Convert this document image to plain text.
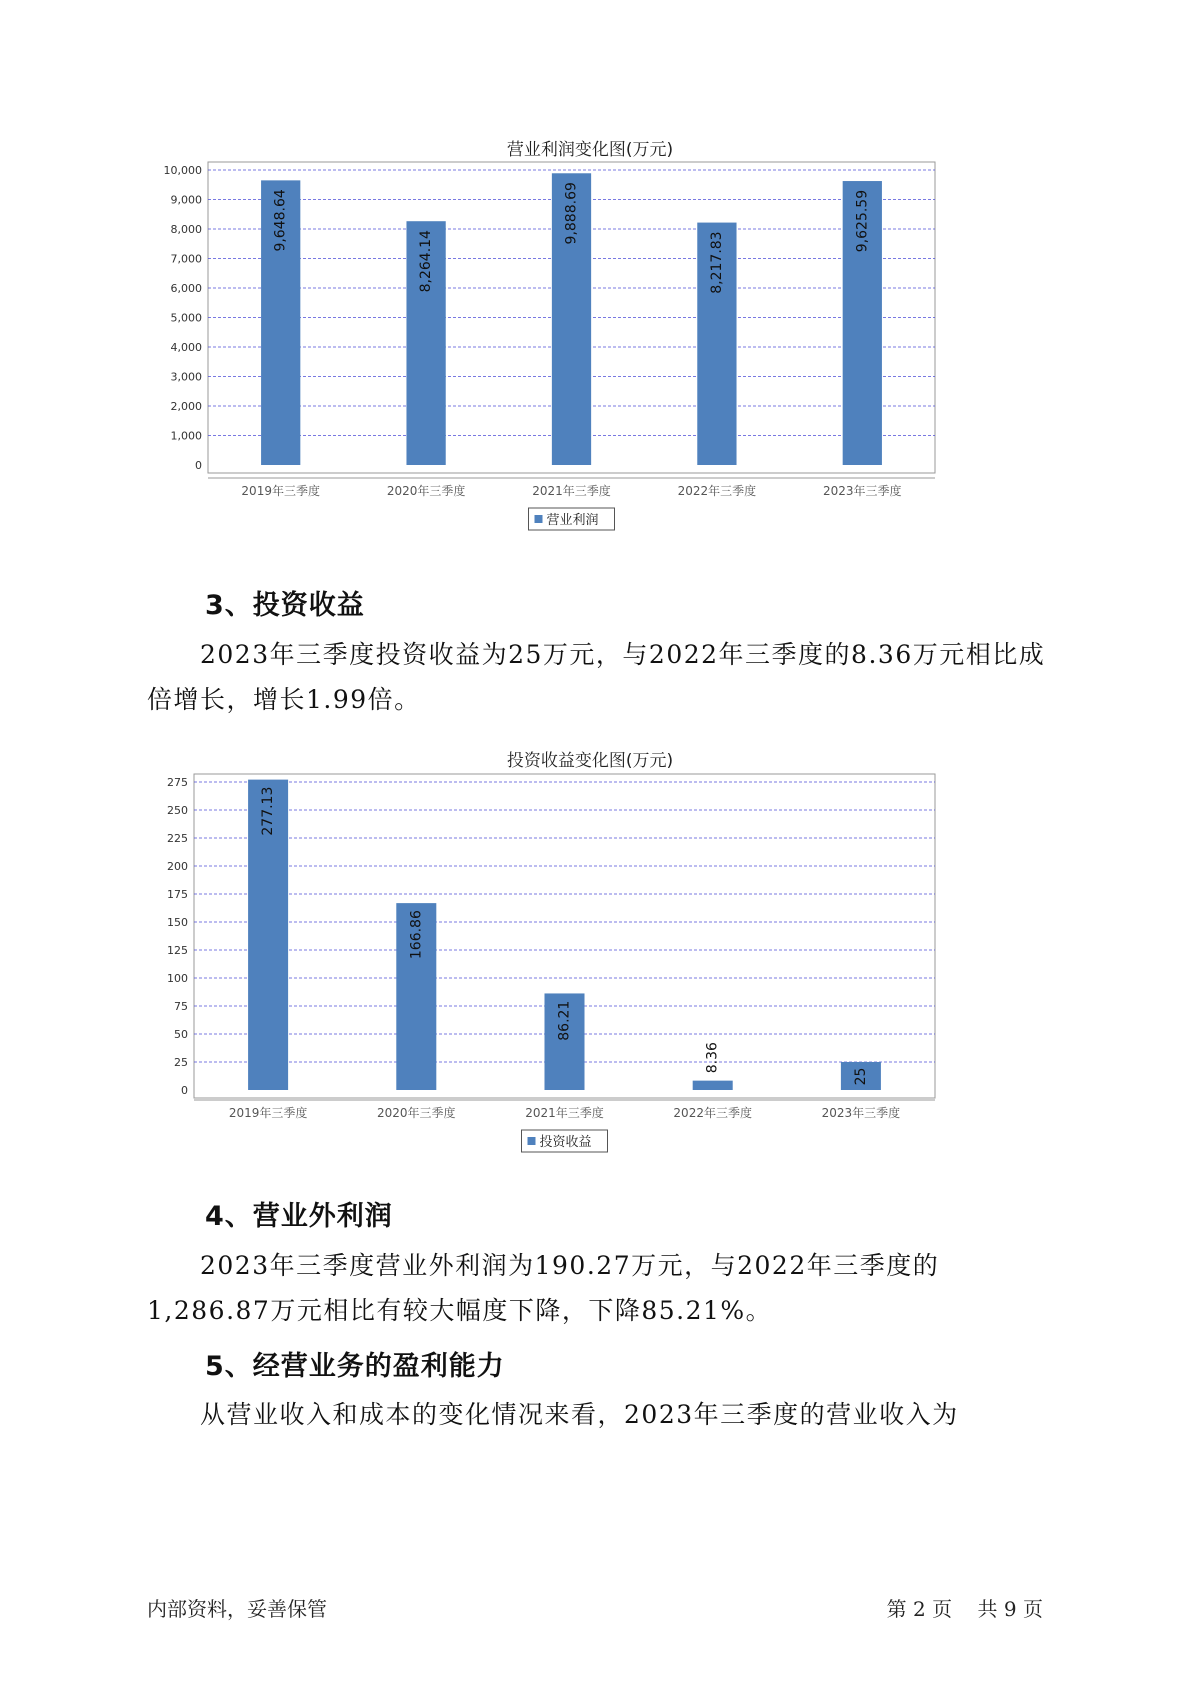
营业利润变化图(万元)
0
1,000
2,000
3,000
4,000
5,000
6,000
7,000
8,000
9,000
10,000
9,648.64
2019年三季度
8,264.14
2020年三季度
9,888.69
2021年三季度
8,217.83
2022年三季度
9,625.59
2023年三季度
营业利润
3、投资收益

2023年三季度投资收益为25万元，与2022年三季度的8.36万元相比成倍增长，增长1.99倍。

投资收益变化图(万元)
0
25
50
75
100
125
150
175
200
225
250
275
277.13
2019年三季度
166.86
2020年三季度
86.21
2021年三季度
8.36
2022年三季度
25
2023年三季度
投资收益
4、营业外利润

2023年三季度营业外利润为190.27万元，与2022年三季度的1,286.87万元相比有较大幅度下降，下降85.21%。

5、经营业务的盈利能力

从营业收入和成本的变化情况来看，2023年三季度的营业收入为

内部资料，妥善保管	第 2 页 共 9 页
